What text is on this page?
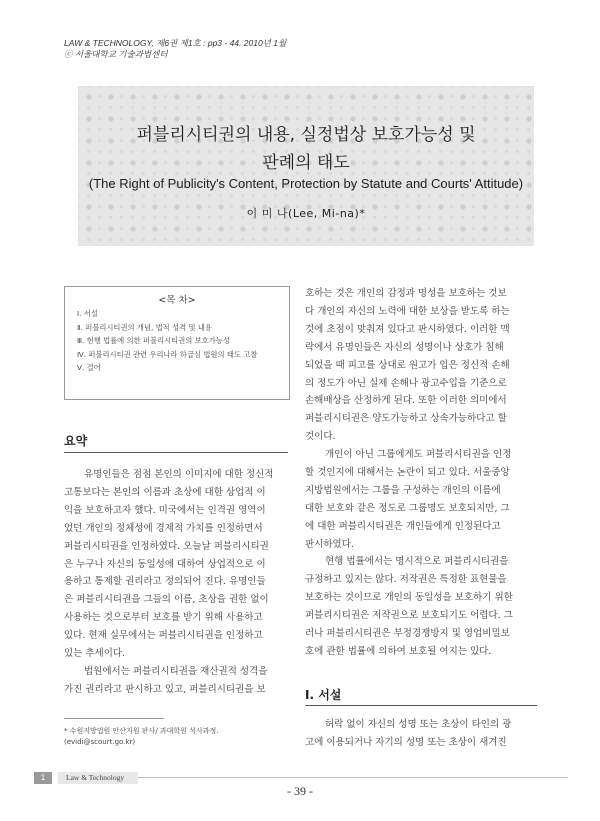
LAW & TECHNOLOGY, 제6권 제1호 : pp3 - 44. 2010년 1월
ⓒ 서울대학교 기술과법센터
퍼블리시티권의 내용, 실정법상 보호가능성 및
판례의 태도
(The Right of Publicity's Content, Protection by Statute and Courts' Attitude)
이 미 나(Lee, Mi-na)*
<목 차>
Ⅰ. 서설
Ⅱ. 퍼블리시티권의 개념, 법적 성격 및 내용
Ⅲ. 현행 법률에 의한 퍼블리시티권의 보호가능성
Ⅳ. 퍼블리시티권 관련 우리나라 하급심 법원의 태도 고찰
Ⅴ. 결어
요약
유명인들은 점점 본인의 이미지에 대한 정신적
고통보다는 본인의 이름과 초상에 대한 상업적 이
익을 보호하고자 했다. 미국에서는 인격권 영역이
었던 개인의 정체성에 경제적 가치를 인정하면서
퍼블리시티권을 인정하였다. 오늘날 퍼블리시티권
은 누구나 자신의 동일성에 대하여 상업적으로 이
용하고 통제할 권리라고 정의되어 진다. 유명인들
은 퍼블리시티권을 그들의 이름, 초상을 권한 없이
사용하는 것으로부터 보호를 받기 위해 사용하고
있다. 현재 실무에서는 퍼블리시티권을 인정하고
있는 추세이다.
법원에서는 퍼블리시티권을 재산권적 성격을
가진 권리라고 판시하고 있고, 퍼블리시티권을 보
* 수원지방법원 안산지원 판사/ 과대학원 석사과정.
(evidi@scourt.go.kr)
호하는 것은 개인의 감정과 명성을 보호하는 것보
다 개인의 자신의 노력에 대한 보상을 받도록 하는
것에 초점이 맞춰져 있다고 판시하였다. 이러한 맥
락에서 유명인들은 자신의 성명이나 상호가 침해
되었을 때 피고를 상대로 원고가 입은 정신적 손해
의 정도가 아닌 실제 손해나 광고수입을 기준으로
손해배상을 산정하게 된다. 또한 이러한 의미에서
퍼블리시티권은 양도가능하고 상속가능하다고 할
것이다.
개인이 아닌 그룹에게도 퍼블리시티권을 인정
할 것인지에 대해서는 논란이 되고 있다. 서울중앙
지방법원에서는 그룹을 구성하는 개인의 이름에
대한 보호와 같은 정도로 그룹명도 보호되지만, 그
에 대한 퍼블리시티권은 개인들에게 인정된다고
판시하였다.
현행 법률에서는 명시적으로 퍼블리시티권을
규정하고 있지는 않다. 저작권은 특정한 표현물을
보호하는 것이므로 개인의 동일성을 보호하기 위한
퍼블리시티권은 저작권으로 보호되기도 어렵다. 그
러나 퍼블리시티권은 부정경쟁방지 및 영업비밀보
호에 관한 법률에 의하여 보호될 여지는 있다.
Ⅰ. 서설
허락 없이 자신의 성명 또는 초상이 타인의 광
고에 이용되거나 자기의 성명 또는 초상이 새겨진
1	Law & Technology
- 39 -
